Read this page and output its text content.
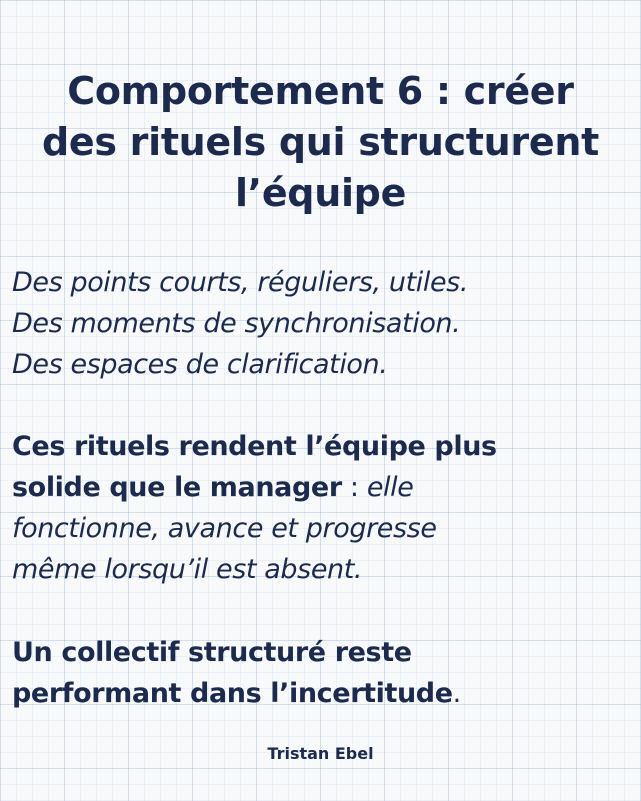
Comportement 6 : créer
des rituels qui structurent
l’équipe

Des points courts, réguliers, utiles.
Des moments de synchronisation.
Des espaces de clarification.

Ces rituels rendent l’équipe plus
solide que le manager : elle
fonctionne, avance et progresse
même lorsqu’il est absent.

Un collectif structuré reste
performant dans l’incertitude.

Tristan Ebel
